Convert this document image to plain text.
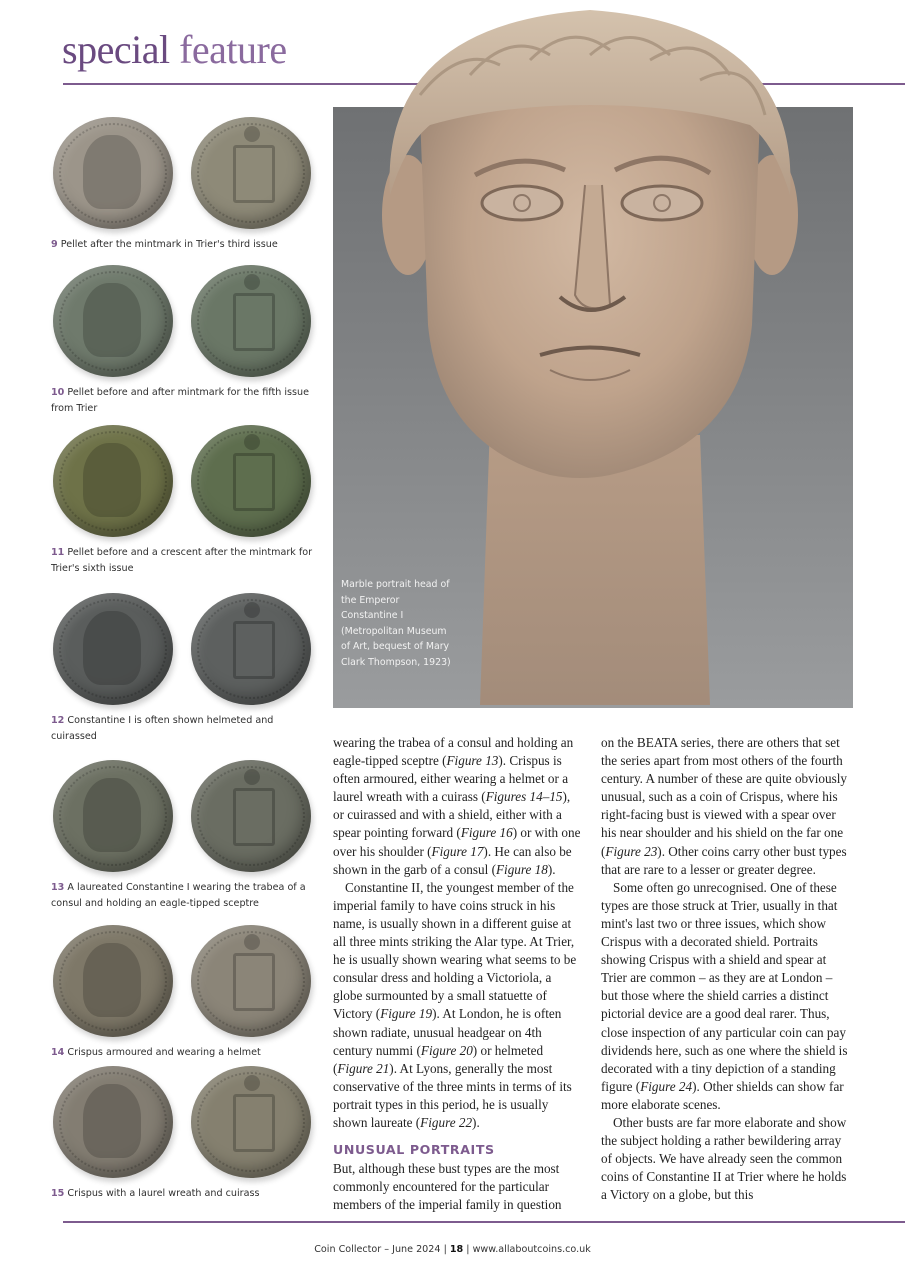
special feature
Marble portrait head of the Emperor Constantine I (Metropolitan Museum of Art, bequest of Mary Clark Thompson, 1923)
9 Pellet after the mintmark in Trier's third issue
10 Pellet before and after mintmark for the fifth issue from Trier
11 Pellet before and a crescent after the mintmark for Trier's sixth issue
12 Constantine I is often shown helmeted and cuirassed
13 A laureated Constantine I wearing the trabea of a consul and holding an eagle-tipped sceptre
14 Crispus armoured and wearing a helmet
15 Crispus with a laurel wreath and cuirass

wearing the trabea of a consul and holding an eagle-tipped sceptre (Figure 13). Crispus is often armoured, either wearing a helmet or a laurel wreath with a cuirass (Figures 14–15), or cuirassed and with a shield, either with a spear pointing forward (Figure 16) or with one over his shoulder (Figure 17). He can also be shown in the garb of a consul (Figure 18).

Constantine II, the youngest member of the imperial family to have coins struck in his name, is usually shown in a different guise at all three mints striking the Alar type. At Trier, he is usually shown wearing what seems to be consular dress and holding a Victoriola, a globe surmounted by a small statuette of Victory (Figure 19). At London, he is often shown radiate, unusual headgear on 4th century nummi (Figure 20) or helmeted (Figure 21). At Lyons, generally the most conservative of the three mints in terms of its portrait types in this period, he is usually shown laureate (Figure 22).

UNUSUAL PORTRAITS

But, although these bust types are the most commonly encountered for the particular members of the imperial family in question

on the BEATA series, there are others that set the series apart from most others of the fourth century. A number of these are quite obviously unusual, such as a coin of Crispus, where his right-facing bust is viewed with a spear over his near shoulder and his shield on the far one (Figure 23). Other coins carry other bust types that are rare to a lesser or greater degree.

Some often go unrecognised. One of these types are those struck at Trier, usually in that mint's last two or three issues, which show Crispus with a decorated shield. Portraits showing Crispus with a shield and spear at Trier are common – as they are at London – but those where the shield carries a distinct pictorial device are a good deal rarer. Thus, close inspection of any particular coin can pay dividends here, such as one where the shield is decorated with a tiny depiction of a standing figure (Figure 24). Other shields can show far more elaborate scenes.

Other busts are far more elaborate and show the subject holding a rather bewildering array of objects. We have already seen the common coins of Constantine II at Trier where he holds a Victory on a globe, but this

Coin Collector – June 2024 | 18 | www.allaboutcoins.co.uk
